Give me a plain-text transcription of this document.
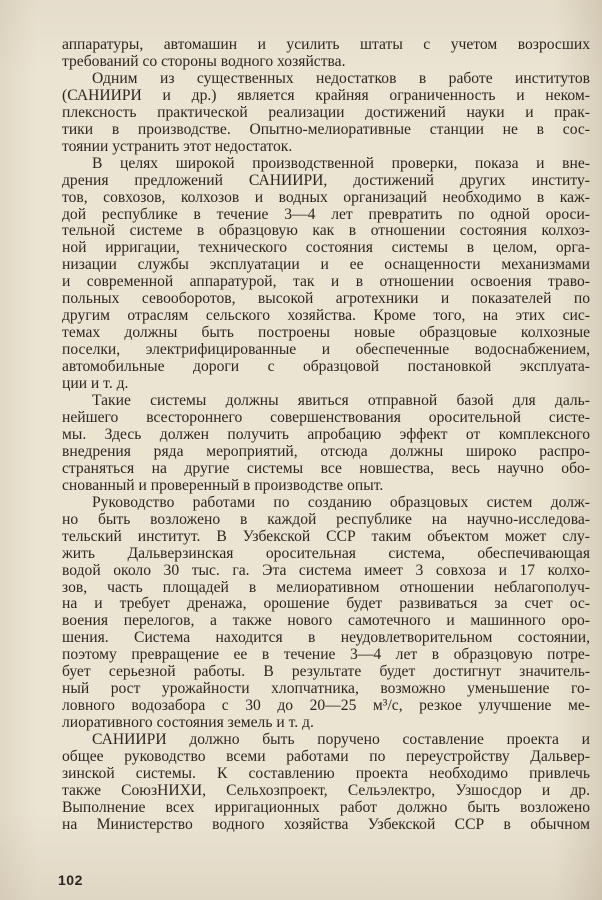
аппаратуры, автомашин и усилить штаты с учетом возросших
требований со стороны водного хозяйства.
Одним из существенных недостатков в работе институтов
(САНИИРИ и др.) является крайняя ограниченность и неком-
плексность практической реализации достижений науки и прак-
тики в производстве. Опытно-мелиоративные станции не в сос-
тоянии устранить этот недостаток.
В целях широкой производственной проверки, показа и вне-
дрения предложений САНИИРИ, достижений других институ-
тов, совхозов, колхозов и водных организаций необходимо в каж-
дой республике в течение 3—4 лет превратить по одной ороси-
тельной системе в образцовую как в отношении состояния колхоз-
ной ирригации, технического состояния системы в целом, орга-
низации службы эксплуатации и ее оснащенности механизмами
и современной аппаратурой, так и в отношении освоения траво-
польных севооборотов, высокой агротехники и показателей по
другим отраслям сельского хозяйства. Кроме того, на этих сис-
темах должны быть построены новые образцовые колхозные
поселки, электрифицированные и обеспеченные водоснабжением,
автомобильные дороги с образцовой постановкой эксплуата-
ции и т. д.
Такие системы должны явиться отправной базой для даль-
нейшего всестороннего совершенствования оросительной систе-
мы. Здесь должен получить апробацию эффект от комплексного
внедрения ряда мероприятий, отсюда должны широко распро-
страняться на другие системы все новшества, весь научно обо-
снованный и проверенный в производстве опыт.
Руководство работами по созданию образцовых систем долж-
но быть возложено в каждой республике на научно-исследова-
тельский институт. В Узбекской ССР таким объектом может слу-
жить Дальверзинская оросительная система, обеспечивающая
водой около 30 тыс. га. Эта система имеет 3 совхоза и 17 колхо-
зов, часть площадей в мелиоративном отношении неблагополуч-
на и требует дренажа, орошение будет развиваться за счет ос-
воения перелогов, а также нового самотечного и машинного оро-
шения. Система находится в неудовлетворительном состоянии,
поэтому превращение ее в течение 3—4 лет в образцовую потре-
бует серьезной работы. В результате будет достигнут значитель-
ный рост урожайности хлопчатника, возможно уменьшение го-
ловного водозабора с 30 до 20—25 м³/с, резкое улучшение ме-
лиоративного состояния земель и т. д.
САНИИРИ должно быть поручено составление проекта и
общее руководство всеми работами по переустройству Дальвер-
зинской системы. К составлению проекта необходимо привлечь
также СоюзНИХИ, Сельхозпроект, Сельэлектро, Узшосдор и др.
Выполнение всех ирригационных работ должно быть возложено
на Министерство водного хозяйства Узбекской ССР в обычном
102
